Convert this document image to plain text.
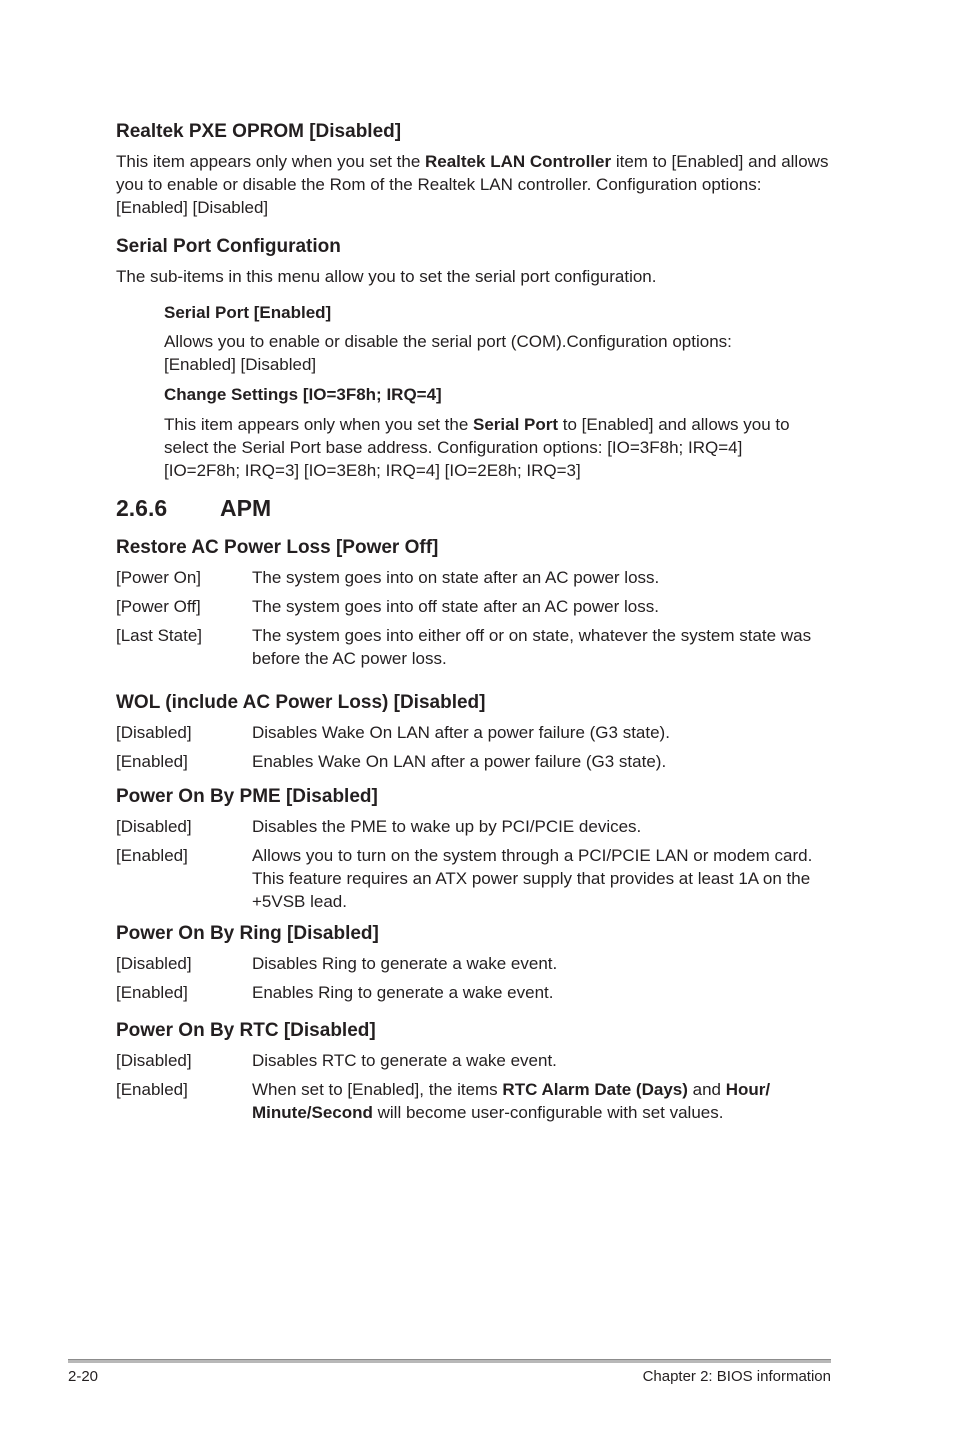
Realtek PXE OPROM [Disabled]

This item appears only when you set the Realtek LAN Controller item to [Enabled] and allows you to enable or disable the Rom of the Realtek LAN controller. Configuration options: [Enabled] [Disabled]

Serial Port Configuration

The sub-items in this menu allow you to set the serial port configuration.

Serial Port [Enabled]

Allows you to enable or disable the serial port (COM).Configuration options: [Enabled] [Disabled]

Change Settings [IO=3F8h; IRQ=4]

This item appears only when you set the Serial Port to [Enabled] and allows you to select the Serial Port base address. Configuration options: [IO=3F8h; IRQ=4] [IO=2F8h; IRQ=3] [IO=3E8h; IRQ=4] [IO=2E8h; IRQ=3]

2.6.6	APM
Restore AC Power Loss [Power Off]
[Power On]	The system goes into on state after an AC power loss.
[Power Off]	The system goes into off state after an AC power loss.
[Last State]	The system goes into either off or on state, whatever the system state was before the AC power loss.
WOL (include AC Power Loss) [Disabled]
[Disabled]	Disables Wake On LAN after a power failure (G3 state).
[Enabled]	Enables Wake On LAN after a power failure (G3 state).
Power On By PME [Disabled]
[Disabled]	Disables the PME to wake up by PCI/PCIE devices.
[Enabled]	Allows you to turn on the system through a PCI/PCIE LAN or modem card. This feature requires an ATX power supply that provides at least 1A on the +5VSB lead.
Power On By Ring [Disabled]
[Disabled]	Disables Ring to generate a wake event.
[Enabled]	Enables Ring to generate a wake event.
Power On By RTC [Disabled]
[Disabled]	Disables RTC to generate a wake event.
[Enabled]	When set to [Enabled], the items RTC Alarm Date (Days) and Hour/ Minute/Second will become user-configurable with set values.
2-20	Chapter 2: BIOS information
